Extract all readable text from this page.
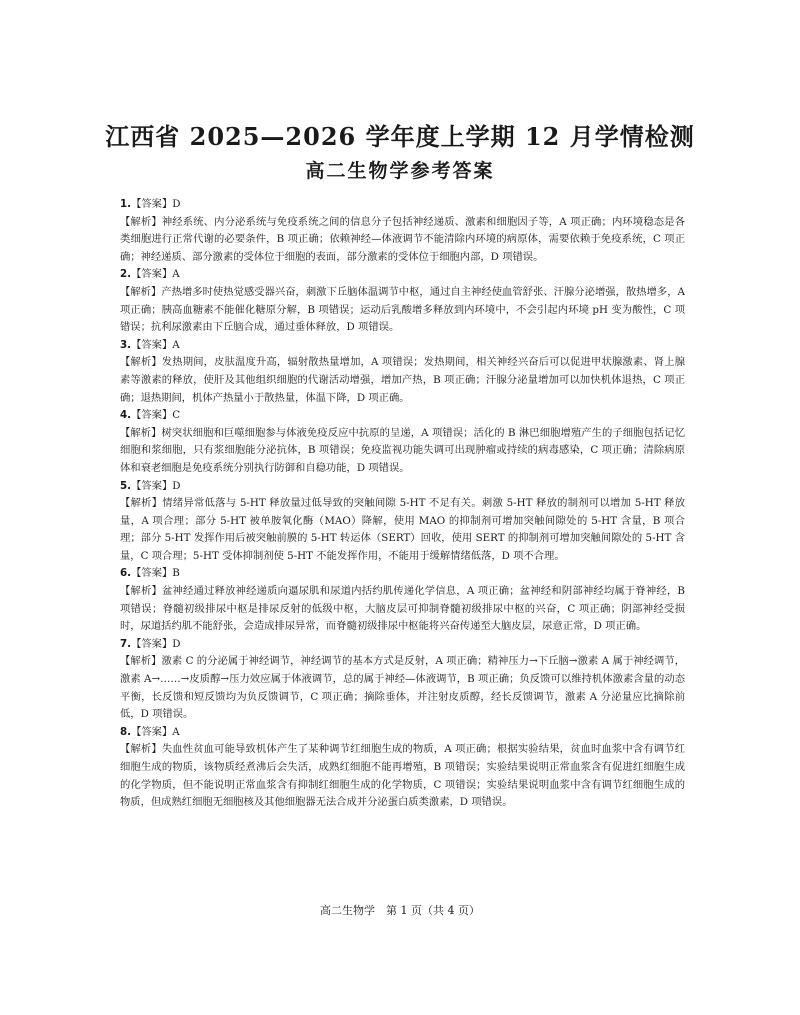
江西省 2025—2026 学年度上学期 12 月学情检测
高二生物学参考答案
1.【答案】D
【解析】神经系统、内分泌系统与免疫系统之间的信息分子包括神经递质、激素和细胞因子等，A 项正确；内环境稳态是各类细胞进行正常代谢的必要条件，B 项正确；依赖神经—体液调节不能清除内环境的病原体，需要依赖于免疫系统，C 项正确；神经递质、部分激素的受体位于细胞的表面，部分激素的受体位于细胞内部，D 项错误。
2.【答案】A
【解析】产热增多时使热觉感受器兴奋，刺激下丘脑体温调节中枢，通过自主神经使血管舒张、汗腺分泌增强，散热增多，A 项正确；胰高血糖素不能催化糖原分解，B 项错误；运动后乳酸增多释放到内环境中，不会引起内环境 pH 变为酸性，C 项错误；抗利尿激素由下丘脑合成，通过垂体释放，D 项错误。
3.【答案】A
【解析】发热期间，皮肤温度升高，辐射散热量增加，A 项错误；发热期间，相关神经兴奋后可以促进甲状腺激素、肾上腺素等激素的释放，使肝及其他组织细胞的代谢活动增强，增加产热，B 项正确；汗腺分泌量增加可以加快机体退热，C 项正确；退热期间，机体产热量小于散热量，体温下降，D 项正确。
4.【答案】C
【解析】树突状细胞和巨噬细胞参与体液免疫反应中抗原的呈递，A 项错误；活化的 B 淋巴细胞增殖产生的子细胞包括记忆细胞和浆细胞，只有浆细胞能分泌抗体，B 项错误；免疫监视功能失调可出现肿瘤或持续的病毒感染，C 项正确；清除病原体和衰老细胞是免疫系统分别执行防御和自稳功能，D 项错误。
5.【答案】D
【解析】情绪异常低落与 5-HT 释放量过低导致的突触间隙 5-HT 不足有关。刺激 5-HT 释放的制剂可以增加 5-HT 释放量，A 项合理；部分 5-HT 被单胺氧化酶（MAO）降解，使用 MAO 的抑制剂可增加突触间隙处的 5-HT 含量，B 项合理；部分 5-HT 发挥作用后被突触前膜的 5-HT 转运体（SERT）回收，使用 SERT 的抑制剂可增加突触间隙处的 5-HT 含量，C 项合理；5-HT 受体抑制剂使 5-HT 不能发挥作用，不能用于缓解情绪低落，D 项不合理。
6.【答案】B
【解析】盆神经通过释放神经递质向逼尿肌和尿道内括约肌传递化学信息，A 项正确；盆神经和阴部神经均属于脊神经，B 项错误；脊髓初级排尿中枢是排尿反射的低级中枢，大脑皮层可抑制脊髓初级排尿中枢的兴奋，C 项正确；阴部神经受损时，尿道括约肌不能舒张，会造成排尿异常，而脊髓初级排尿中枢能将兴奋传递至大脑皮层，尿意正常，D 项正确。
7.【答案】D
【解析】激素 C 的分泌属于神经调节，神经调节的基本方式是反射，A 项正确；精神压力→下丘脑→激素 A 属于神经调节，激素 A→……→皮质醇→压力效应属于体液调节，总的属于神经—体液调节，B 项正确；负反馈可以维持机体激素含量的动态平衡，长反馈和短反馈均为负反馈调节，C 项正确；摘除垂体，并注射皮质醇，经长反馈调节，激素 A 分泌量应比摘除前低，D 项错误。
8.【答案】A
【解析】失血性贫血可能导致机体产生了某种调节红细胞生成的物质，A 项正确；根据实验结果，贫血时血浆中含有调节红细胞生成的物质，该物质经煮沸后会失活，成熟红细胞不能再增殖，B 项错误；实验结果说明正常血浆含有促进红细胞生成的化学物质，但不能说明正常血浆含有抑制红细胞生成的化学物质，C 项错误；实验结果说明血浆中含有调节红细胞生成的物质，但成熟红细胞无细胞核及其他细胞器无法合成并分泌蛋白质类激素，D 项错误。
高二生物学　第 1 页（共 4 页）
